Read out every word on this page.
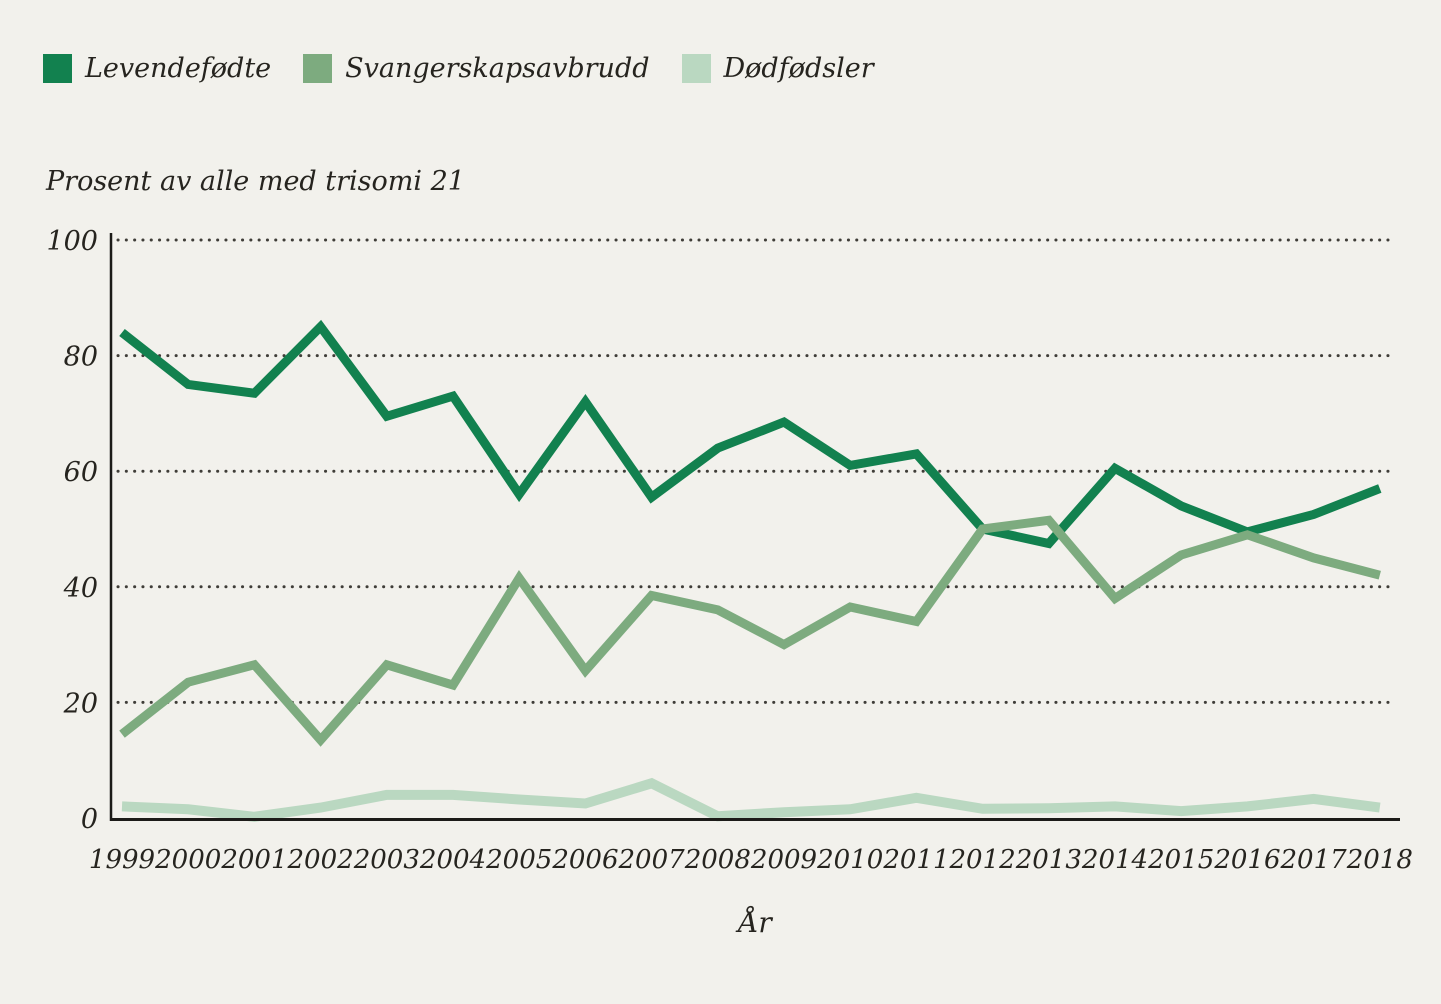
Levendefødte	Svangerskapsavbrudd	Dødfødsler
Prosent av alle med trisomi 21
0
20
40
60
80
100
1999 2000 2001 2002 2003 2004 2005 2006 2007 2008 2009 2010 2011 2012 2013 2014 2015 2016 2017 2018
År
